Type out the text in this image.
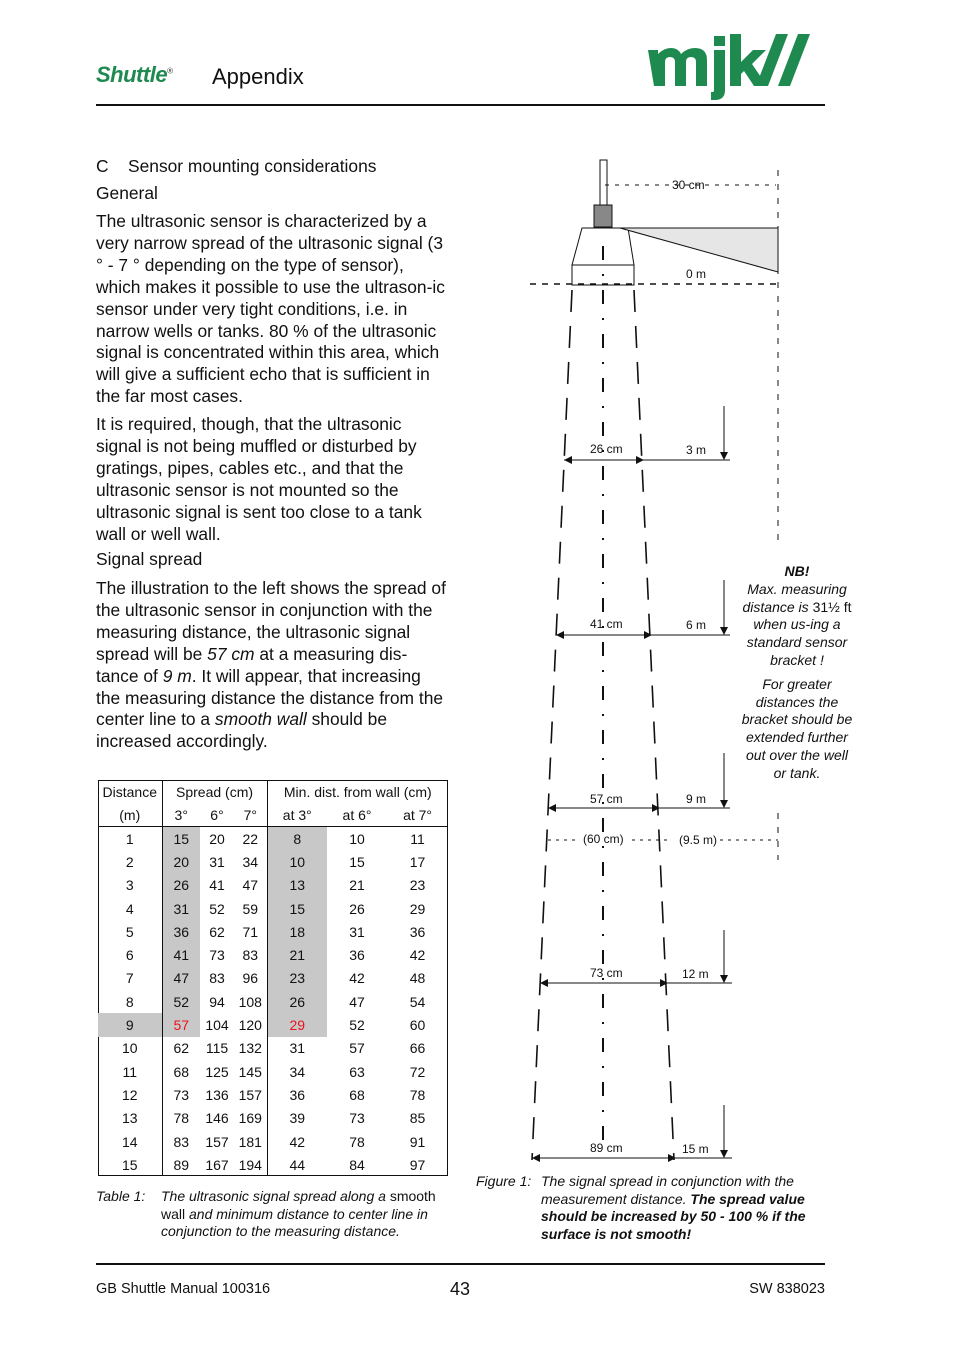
Shuttle® Appendix
C Sensor mounting considerations
General

The ultrasonic sensor is characterized by a very narrow spread of the ultrasonic signal (3 ° - 7 ° depending on the type of sensor), which makes it possible to use the ultrason-ic sensor under very tight conditions, i.e. in narrow wells or tanks. 80 % of the ultrasonic signal is concentrated within this area, which will give a sufficient echo that is sufficient in the far most cases.

It is required, though, that the ultrasonic signal is not being muffled or disturbed by gratings, pipes, cables etc., and that the ultrasonic sensor is not mounted so the ultrasonic signal is sent too close to a tank wall or well wall.

Signal spread

The illustration to the left shows the spread of the ultrasonic sensor in conjunction with the measuring distance, the ultrasonic signal spread will be 57 cm at a measuring dis-tance of 9 m. It will appear, that increasing the measuring distance the distance from the center line to a smooth wall should be increased accordingly.

Distance	Spread (cm)			Min. dist. from wall (cm)		
(m)	3°	6°	7°	at 3°	at 6°	at 7°
1	15	20	22	8	10	11
2	20	31	34	10	15	17
3	26	41	47	13	21	23
4	31	52	59	15	26	29
5	36	62	71	18	31	36
6	41	73	83	21	36	42
7	47	83	96	23	42	48
8	52	94	108	26	47	54
9	57	104	120	29	52	60
10	62	115	132	31	57	66
11	68	125	145	34	63	72
12	73	136	157	36	68	78
13	78	146	169	39	73	85
14	83	157	181	42	78	91
15	89	167	194	44	84	97
Table 1: The ultrasonic signal spread along a smooth wall and minimum distance to center line in conjunction to the measuring distance.
30 cm
0 m
26 cm	3 m
41 cm	6 m
57 cm	9 m
(60 cm)	(9.5 m)
73 cm	12 m
89 cm	15 m
NB!
Max. measuring distance is 31½ ft when us-ing a standard sensor bracket !
For greater distances the bracket should be extended further out over the well or tank.
Figure 1: The signal spread in conjunction with the measurement distance. The spread value should be increased by 50 - 100 % if the surface is not smooth!
GB Shuttle Manual 100316	43	SW 838023
